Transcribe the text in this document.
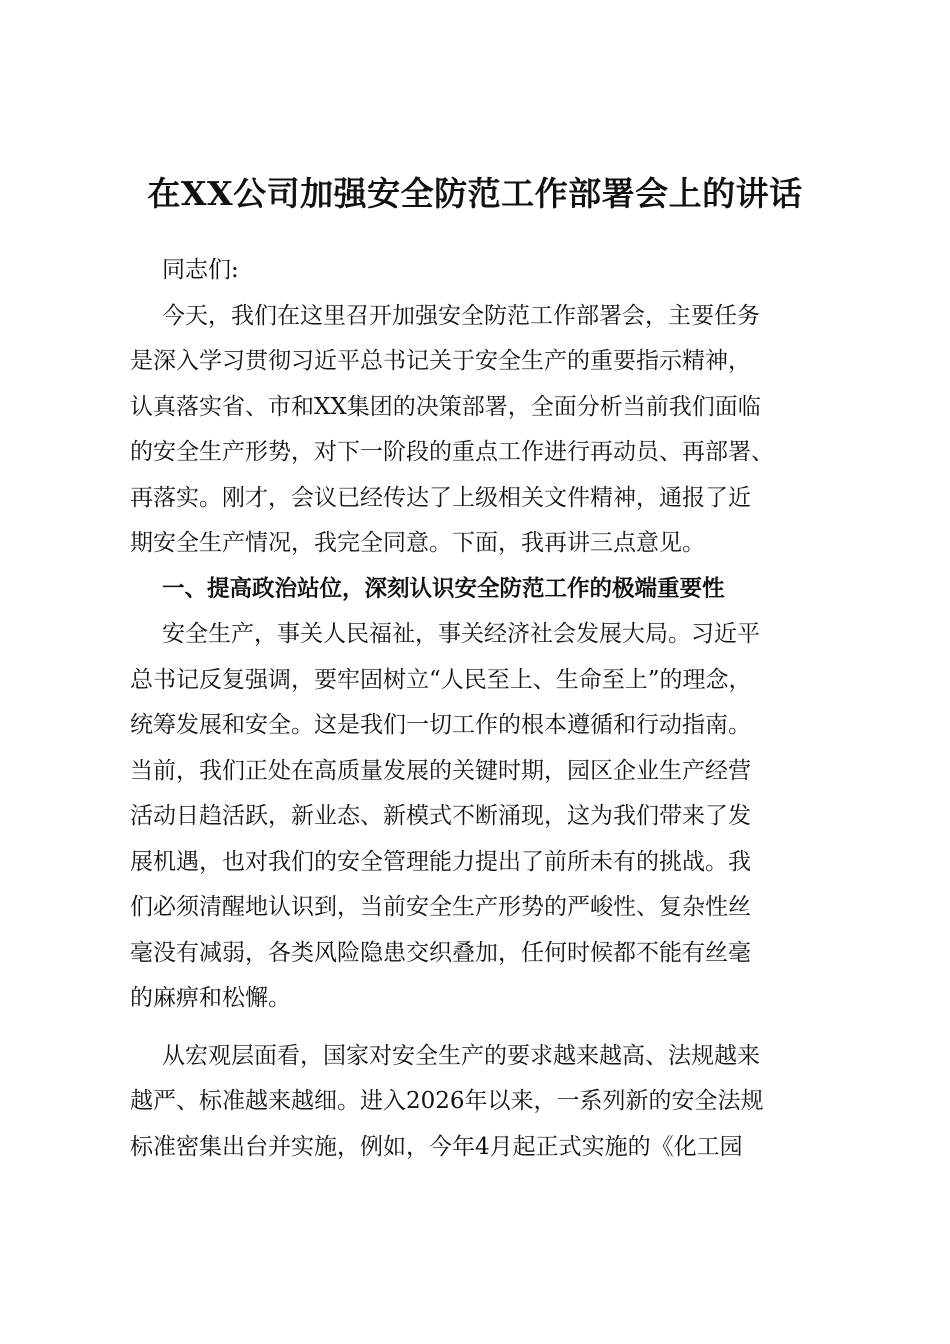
在XX公司加强安全防范工作部署会上的讲话
同志们:
今天，我们在这里召开加强安全防范工作部署会，主要任务
是深入学习贯彻习近平总书记关于安全生产的重要指示精神，
认真落实省、市和XX集团的决策部署，全面分析当前我们面临
的安全生产形势，对下一阶段的重点工作进行再动员、再部署、
再落实。刚才，会议已经传达了上级相关文件精神，通报了近
期安全生产情况，我完全同意。下面，我再讲三点意见。
一、提高政治站位，深刻认识安全防范工作的极端重要性
安全生产，事关人民福祉，事关经济社会发展大局。习近平
总书记反复强调，要牢固树立“人民至上、生命至上”的理念，
统筹发展和安全。这是我们一切工作的根本遵循和行动指南。
当前，我们正处在高质量发展的关键时期，园区企业生产经营
活动日趋活跃，新业态、新模式不断涌现，这为我们带来了发
展机遇，也对我们的安全管理能力提出了前所未有的挑战。我
们必须清醒地认识到，当前安全生产形势的严峻性、复杂性丝
毫没有减弱，各类风险隐患交织叠加，任何时候都不能有丝毫
的麻痹和松懈。
从宏观层面看，国家对安全生产的要求越来越高、法规越来
越严、标准越来越细。进入2026年以来，一系列新的安全法规
标准密集出台并实施，例如，今年4月起正式实施的《化工园
